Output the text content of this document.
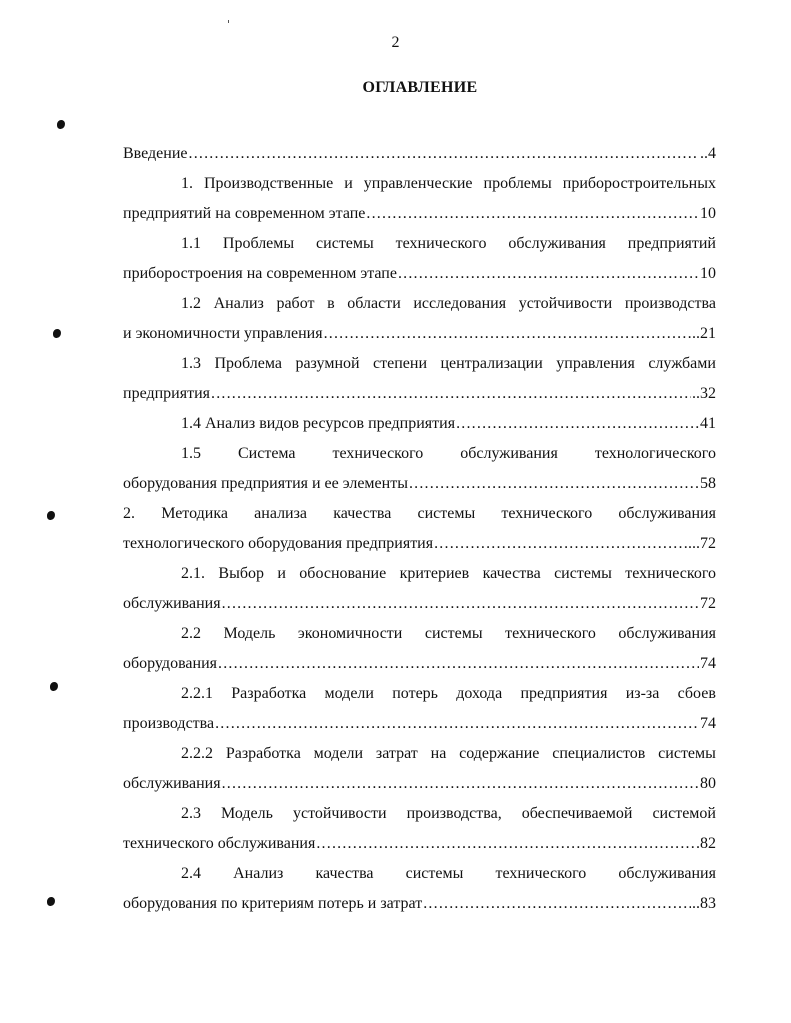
2
ОГЛАВЛЕНИЕ
Введение .....	..4
1. Производственные и управленческие проблемы приборостроительных
предприятий на современном этапе .....	10
1.1 Проблемы системы технического обслуживания предприятий
приборостроения на современном этапе .....	10
1.2 Анализ работ в области исследования устойчивости производства
и экономичности управления .....	..21
1.3 Проблема разумной степени централизации управления службами
предприятия .....	..32
1.4 Анализ видов ресурсов предприятия .....	41
1.5 Система технического обслуживания технологического
оборудования предприятия и ее элементы .....	58
2. Методика анализа качества системы технического обслуживания
технологического оборудования предприятия .....	...72
2.1. Выбор и обоснование критериев качества системы технического
обслуживания .....	72
2.2 Модель экономичности системы технического обслуживания
оборудования .....	74
2.2.1 Разработка модели потерь дохода предприятия из-за сбоев
производства .....	74
2.2.2 Разработка модели затрат на содержание специалистов системы
обслуживания .....	80
2.3 Модель устойчивости производства, обеспечиваемой системой
технического обслуживания .....	82
2.4 Анализ качества системы технического обслуживания
оборудования по критериям потерь и затрат .....	..83
